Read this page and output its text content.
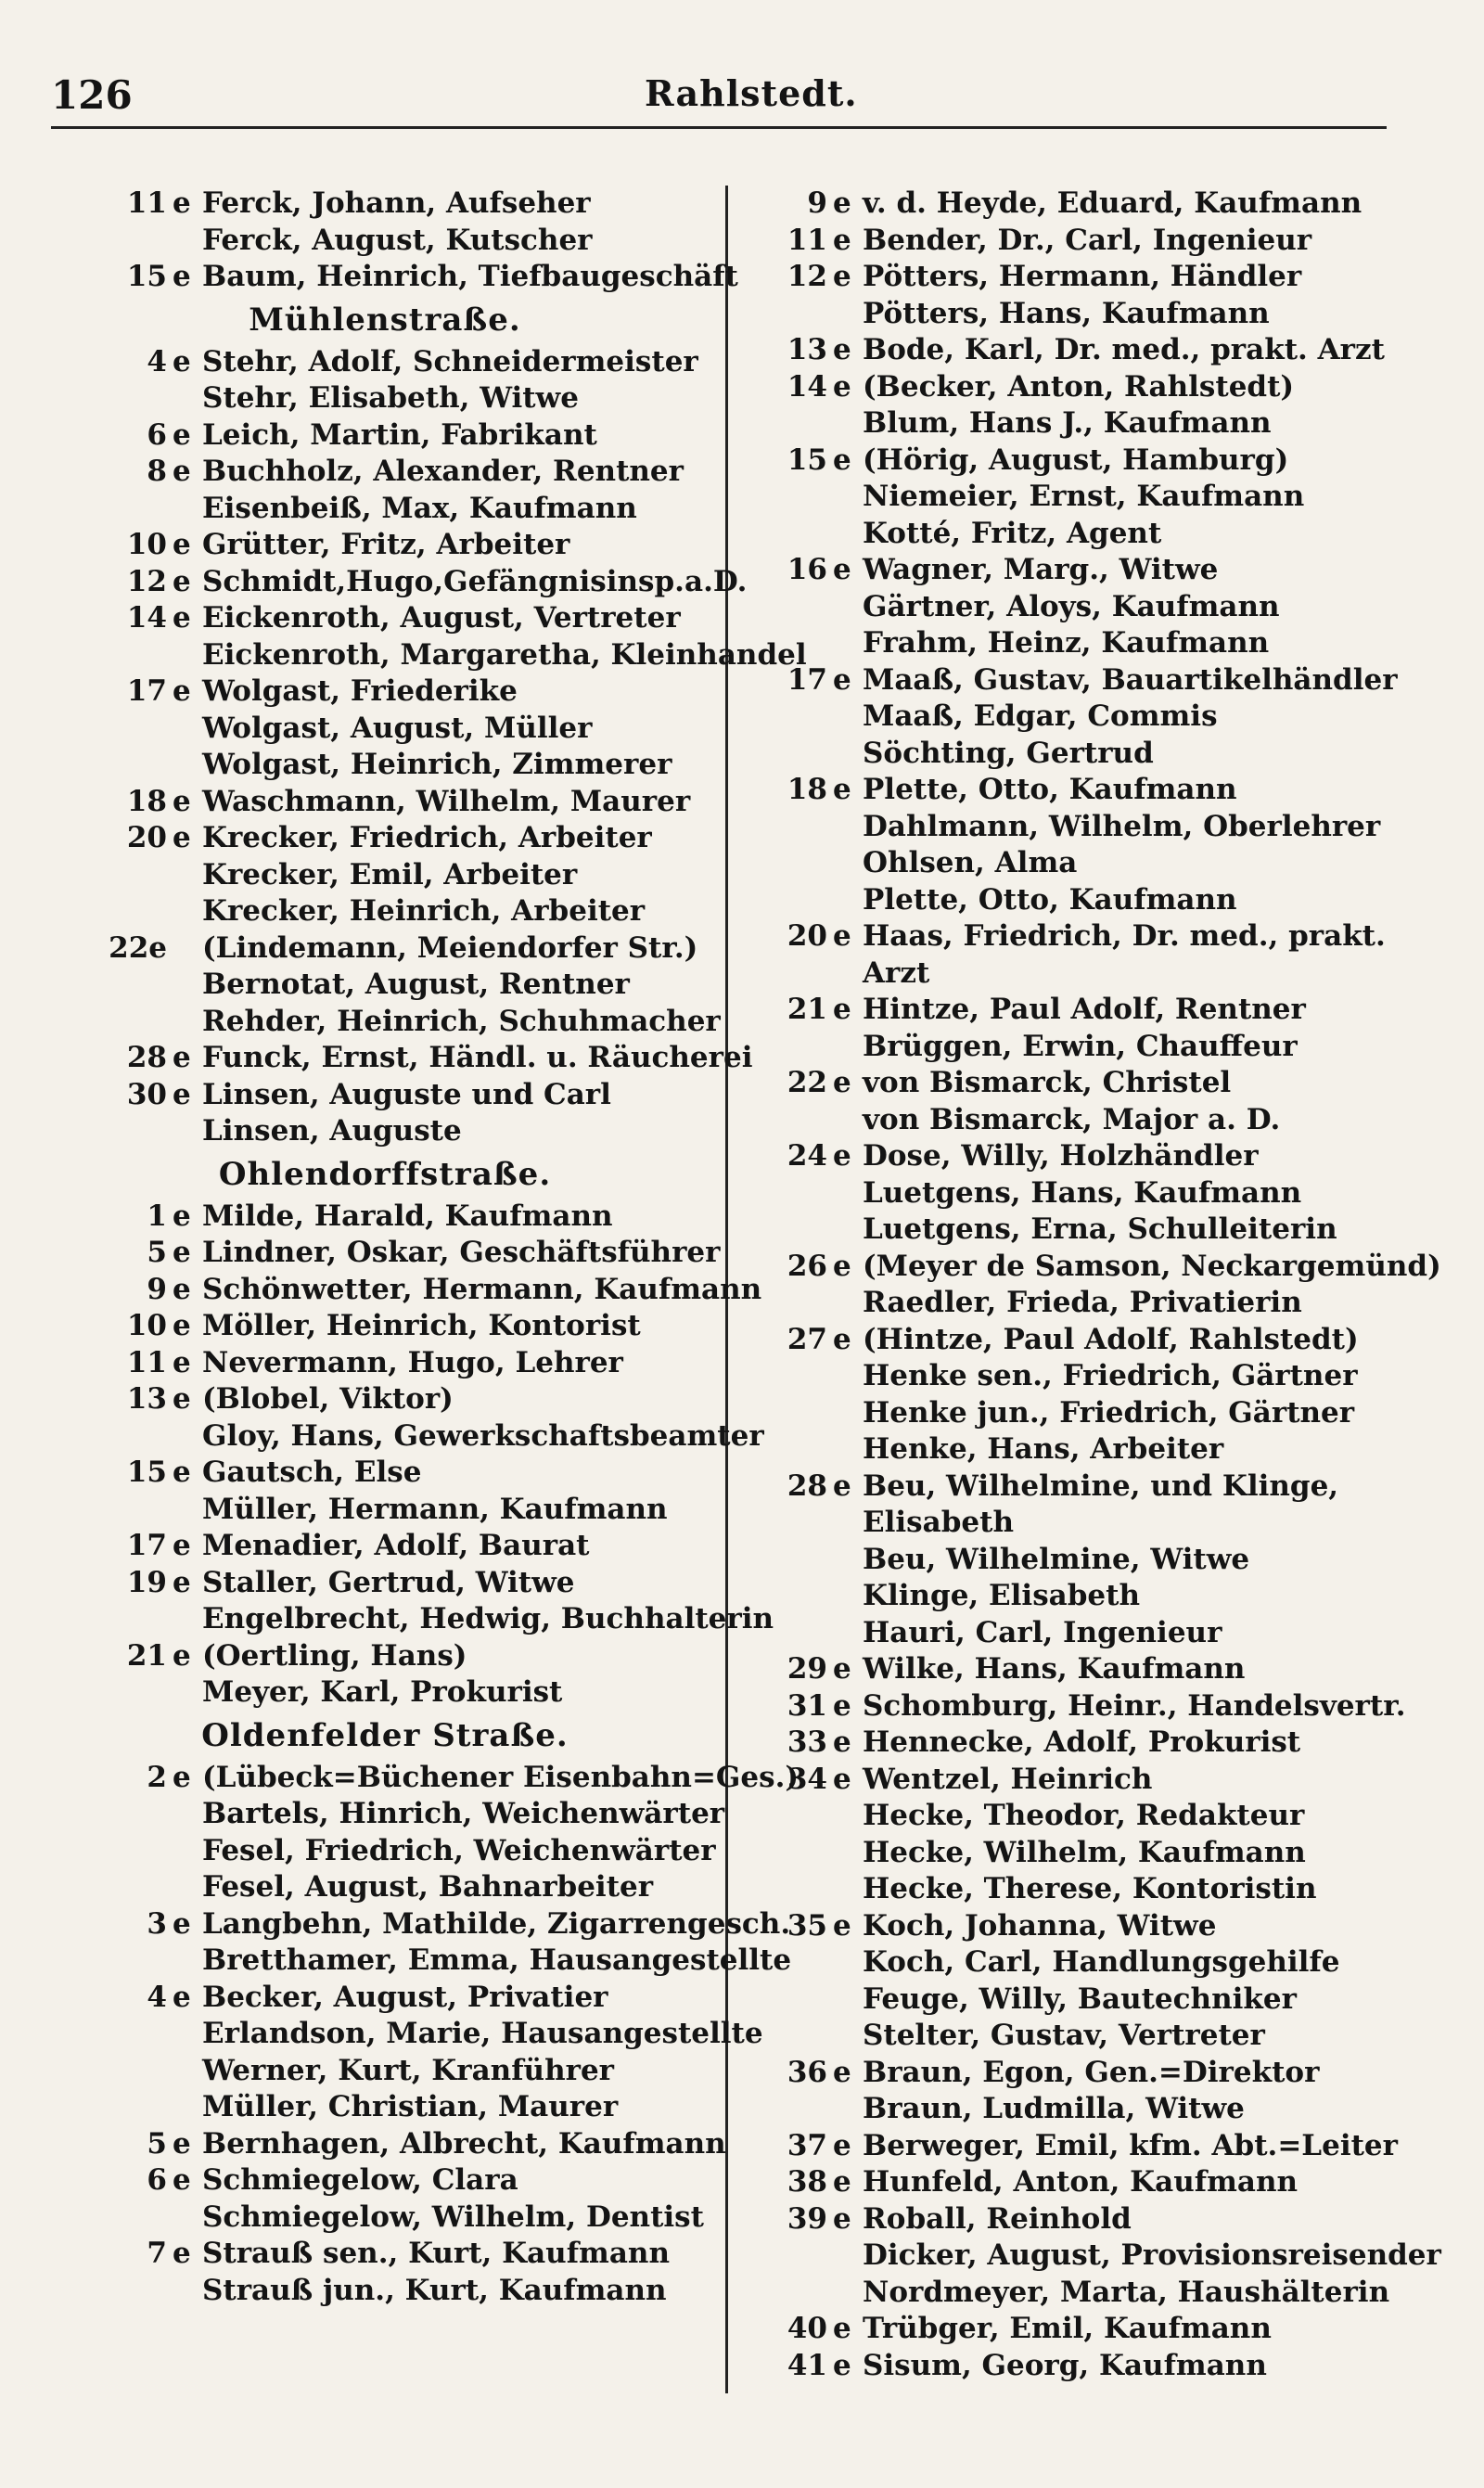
126	Rahlstedt.
11 e Ferck, Johann, Aufseher
Ferck, August, Kutscher
15 e Baum, Heinrich, Tiefbaugeschäft
Mühlenstraße.
4 e Stehr, Adolf, Schneidermeister
Stehr, Elisabeth, Witwe
6 e Leich, Martin, Fabrikant
8 e Buchholz, Alexander, Rentner
Eisenbeiß, Max, Kaufmann
10 e Grütter, Fritz, Arbeiter
12 e Schmidt,Hugo,Gefängnisinsp.a.D.
14 e Eickenroth, August, Vertreter
Eickenroth, Margaretha, Kleinhandel
17 e Wolgast, Friederike
Wolgast, August, Müller
Wolgast, Heinrich, Zimmerer
18 e Waschmann, Wilhelm, Maurer
20 e Krecker, Friedrich, Arbeiter
Krecker, Emil, Arbeiter
Krecker, Heinrich, Arbeiter
22e (Lindemann, Meiendorfer Str.)
Bernotat, August, Rentner
Rehder, Heinrich, Schuhmacher
28 e Funck, Ernst, Händl. u. Räucherei
30 e Linsen, Auguste und Carl
Linsen, Auguste
Ohlendorffstraße.
1 e Milde, Harald, Kaufmann
5 e Lindner, Oskar, Geschäftsführer
9 e Schönwetter, Hermann, Kaufmann
10 e Möller, Heinrich, Kontorist
11 e Nevermann, Hugo, Lehrer
13 e (Blobel, Viktor)
Gloy, Hans, Gewerkschaftsbeamter
15 e Gautsch, Else
Müller, Hermann, Kaufmann
17 e Menadier, Adolf, Baurat
19 e Staller, Gertrud, Witwe
Engelbrecht, Hedwig, Buchhalterin
21 e (Oertling, Hans)
Meyer, Karl, Prokurist
Oldenfelder Straße.
2 e (Lübeck=Büchener Eisenbahn=Ges.)
Bartels, Hinrich, Weichenwärter
Fesel, Friedrich, Weichenwärter
Fesel, August, Bahnarbeiter
3 e Langbehn, Mathilde, Zigarrengesch.
Bretthamer, Emma, Hausangestellte
4 e Becker, August, Privatier
Erlandson, Marie, Hausangestellte
Werner, Kurt, Kranführer
Müller, Christian, Maurer
5 e Bernhagen, Albrecht, Kaufmann
6 e Schmiegelow, Clara
Schmiegelow, Wilhelm, Dentist
7 e Strauß sen., Kurt, Kaufmann
Strauß jun., Kurt, Kaufmann
9 e v. d. Heyde, Eduard, Kaufmann
11 e Bender, Dr., Carl, Ingenieur
12 e Pötters, Hermann, Händler
Pötters, Hans, Kaufmann
13 e Bode, Karl, Dr. med., prakt. Arzt
14 e (Becker, Anton, Rahlstedt)
Blum, Hans J., Kaufmann
15 e (Hörig, August, Hamburg)
Niemeier, Ernst, Kaufmann
Kotté, Fritz, Agent
16 e Wagner, Marg., Witwe
Gärtner, Aloys, Kaufmann
Frahm, Heinz, Kaufmann
17 e Maaß, Gustav, Bauartikelhändler
Maaß, Edgar, Commis
Söchting, Gertrud
18 e Plette, Otto, Kaufmann
Dahlmann, Wilhelm, Oberlehrer
Ohlsen, Alma
Plette, Otto, Kaufmann
20 e Haas, Friedrich, Dr. med., prakt.
Arzt
21 e Hintze, Paul Adolf, Rentner
Brüggen, Erwin, Chauffeur
22 e von Bismarck, Christel
von Bismarck, Major a. D.
24 e Dose, Willy, Holzhändler
Luetgens, Hans, Kaufmann
Luetgens, Erna, Schulleiterin
26 e (Meyer de Samson, Neckargemünd)
Raedler, Frieda, Privatierin
27 e (Hintze, Paul Adolf, Rahlstedt)
Henke sen., Friedrich, Gärtner
Henke jun., Friedrich, Gärtner
Henke, Hans, Arbeiter
28 e Beu, Wilhelmine, und Klinge,
Elisabeth
Beu, Wilhelmine, Witwe
Klinge, Elisabeth
Hauri, Carl, Ingenieur
29 e Wilke, Hans, Kaufmann
31 e Schomburg, Heinr., Handelsvertr.
33 e Hennecke, Adolf, Prokurist
34 e Wentzel, Heinrich
Hecke, Theodor, Redakteur
Hecke, Wilhelm, Kaufmann
Hecke, Therese, Kontoristin
35 e Koch, Johanna, Witwe
Koch, Carl, Handlungsgehilfe
Feuge, Willy, Bautechniker
Stelter, Gustav, Vertreter
36 e Braun, Egon, Gen.=Direktor
Braun, Ludmilla, Witwe
37 e Berweger, Emil, kfm. Abt.=Leiter
38 e Hunfeld, Anton, Kaufmann
39 e Roball, Reinhold
Dicker, August, Provisionsreisender
Nordmeyer, Marta, Haushälterin
40 e Trübger, Emil, Kaufmann
41 e Sisum, Georg, Kaufmann
